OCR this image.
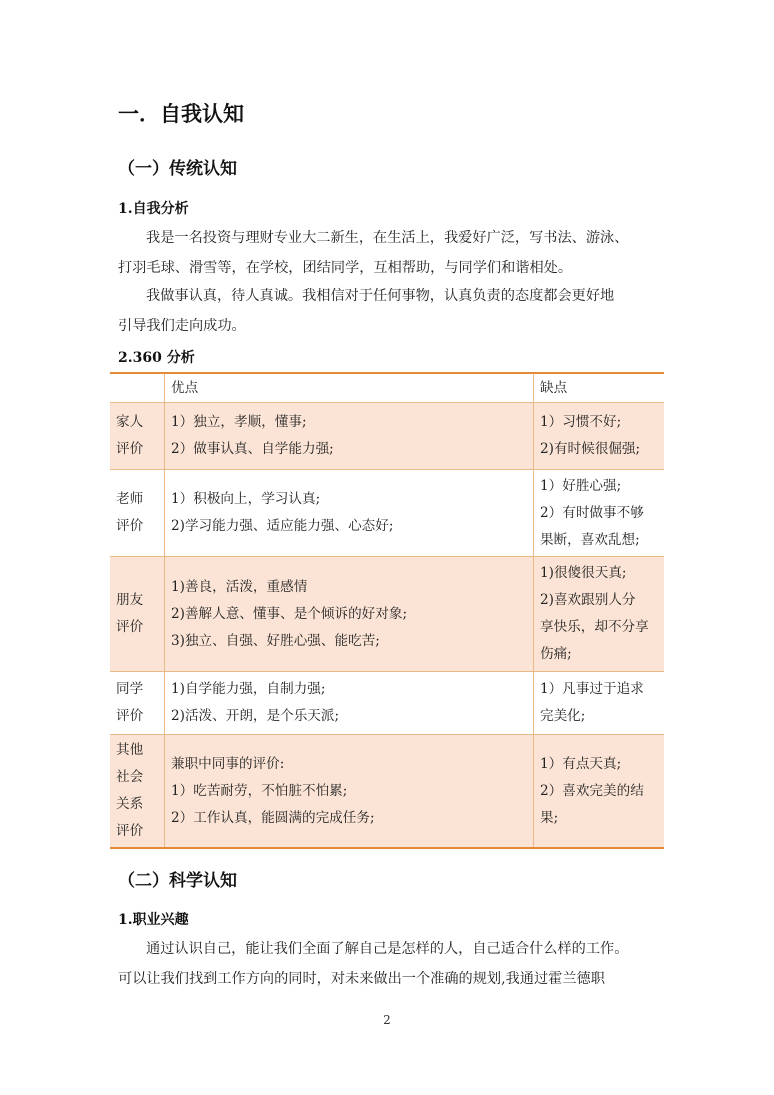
一．自我认知
（一）传统认知
1.自我分析
我是一名投资与理财专业大二新生，在生活上，我爱好广泛，写书法、游泳、
打羽毛球、滑雪等，在学校，团结同学，互相帮助，与同学们和谐相处。
我做事认真，待人真诚。我相信对于任何事物，认真负责的态度都会更好地
引导我们走向成功。
2.360 分析
	优点	缺点

家人
评价	1）独立，孝顺，懂事;
2）做事认真、自学能力强;	1）习惯不好;
2)有时候很倔强;

老师
评价	1）积极向上，学习认真;
2)学习能力强、适应能力强、心态好;	1）好胜心强;
2）有时做事不够
果断，喜欢乱想;

朋友
评价	1)善良，活泼，重感情
2)善解人意、懂事、是个倾诉的好对象;
3)独立、自强、好胜心强、能吃苦;	1)很傻很天真;
2)喜欢跟别人分
享快乐，却不分享
伤痛;

同学
评价	1)自学能力强，自制力强;
2)活泼、开朗，是个乐天派;	1）凡事过于追求
完美化;

其他
社会
关系
评价	兼职中同事的评价:
1）吃苦耐劳，不怕脏不怕累;
2）工作认真，能圆满的完成任务;	1）有点天真;
2）喜欢完美的结
果;
（二）科学认知
1.职业兴趣
通过认识自己，能让我们全面了解自己是怎样的人，自己适合什么样的工作。
可以让我们找到工作方向的同时，对未来做出一个准确的规划,我通过霍兰德职
2
